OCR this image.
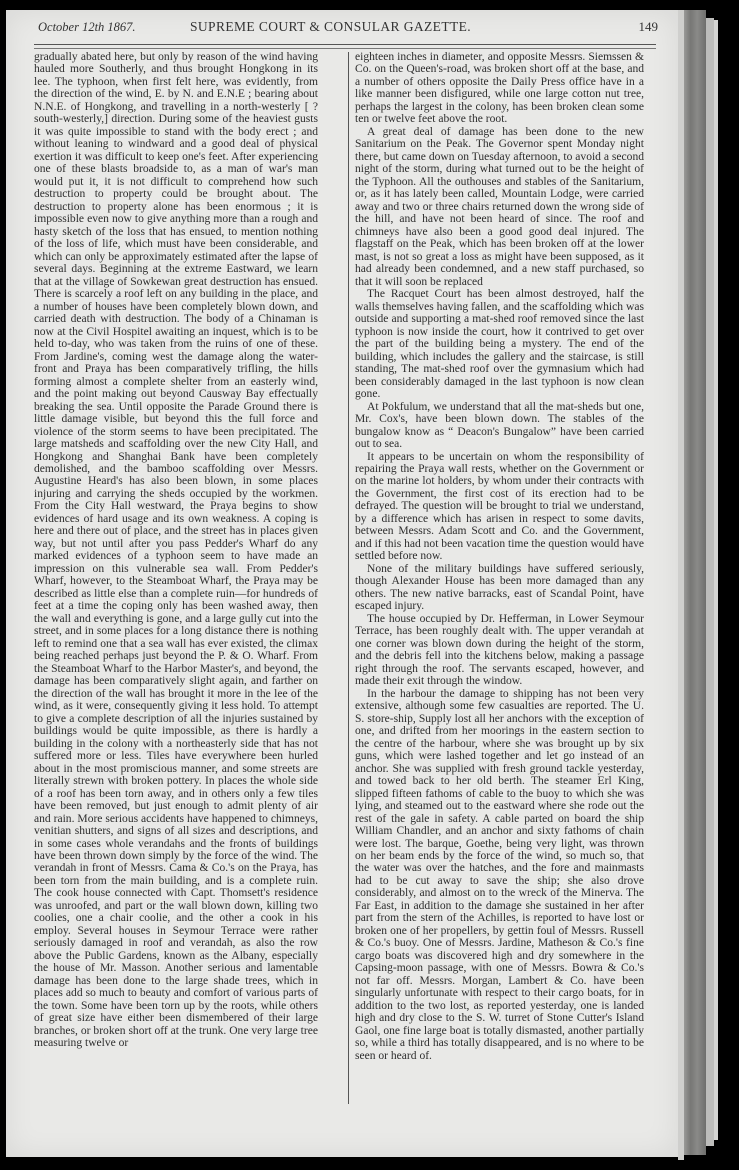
October 12th 1867.	SUPREME COURT & CONSULAR GAZETTE.	149

gradually abated here, but only by reason of the wind having hauled more Southerly, and thus brought Hongkong in its lee. The typhoon, when first felt here, was evidently, from the direction of the wind, E. by N. and E.N.E ; bearing about N.N.E. of Hongkong, and travelling in a north-westerly [ ? south-westerly,] direction. During some of the heaviest gusts it was quite impossible to stand with the body erect ; and without leaning to windward and a good deal of physical exertion it was difficult to keep one's feet. After experiencing one of these blasts broadside to, as a man of war's man would put it, it is not difficult to comprehend how such destruction to property could be brought about. The destruction to property alone has been enormous ; it is impossible even now to give anything more than a rough and hasty sketch of the loss that has ensued, to mention nothing of the loss of life, which must have been considerable, and which can only be approximately estimated after the lapse of several days. Beginning at the extreme Eastward, we learn that at the village of Sowkewan great destruction has ensued. There is scarcely a roof left on any building in the place, and a number of houses have been completely blown down, and carried death with destruction. The body of a Chinaman is now at the Civil Hospitel awaiting an inquest, which is to be held to-day, who was taken from the ruins of one of these. From Jardine's, coming west the damage along the water-front and Praya has been comparatively trifling, the hills forming almost a complete shelter from an easterly wind, and the point making out beyond Causway Bay effectually breaking the sea. Until opposite the Parade Ground there is little damage visible, but beyond this the full force and violence of the storm seems to have been precipitated. The large matsheds and scaffolding over the new City Hall, and Hongkong and Shanghai Bank have been completely demolished, and the bamboo scaffolding over Messrs. Augustine Heard's has also been blown, in some places injuring and carrying the sheds occupied by the workmen. From the City Hall westward, the Praya begins to show evidences of hard usage and its own weakness. A coping is here and there out of place, and the street has in places given way, but not until after you pass Pedder's Wharf do any marked evidences of a typhoon seem to have made an impression on this vulnerable sea wall. From Pedder's Wharf, however, to the Steamboat Wharf, the Praya may be described as little else than a complete ruin—for hundreds of feet at a time the coping only has been washed away, then the wall and everything is gone, and a large gully cut into the street, and in some places for a long distance there is nothing left to remind one that a sea wall has ever existed, the climax being reached perhaps just beyond the P. & O. Wharf. From the Steamboat Wharf to the Harbor Master's, and beyond, the damage has been comparatively slight again, and farther on the direction of the wall has brought it more in the lee of the wind, as it were, consequently giving it less hold. To attempt to give a complete description of all the injuries sustained by buildings would be quite impossible, as there is hardly a building in the colony with a northeasterly side that has not suffered more or less. Tiles have everywhere been hurled about in the most promiscious manner, and some streets are literally strewn with broken pottery. In places the whole side of a roof has been torn away, and in others only a few tiles have been removed, but just enough to admit plenty of air and rain. More serious accidents have happened to chimneys, venitian shutters, and signs of all sizes and descriptions, and in some cases whole verandahs and the fronts of buildings have been thrown down simply by the force of the wind. The verandah in front of Messrs. Cama & Co.'s on the Praya, has been torn from the main building, and is a complete ruin. The cook house connected with Capt. Thomsett's residence was unroofed, and part or the wall blown down, killing two coolies, one a chair coolie, and the other a cook in his employ. Several houses in Seymour Terrace were rather seriously damaged in roof and verandah, as also the row above the Public Gardens, known as the Albany, especially the house of Mr. Masson. Another serious and lamentable damage has been done to the large shade trees, which in places add so much to beauty and comfort of various parts of the town. Some have been torn up by the roots, while others of great size have either been dismembered of their large branches, or broken short off at the trunk. One very large tree measuring twelve or

eighteen inches in diameter, and opposite Messrs. Siemssen & Co. on the Queen's-road, was broken short off at the base, and a number of others opposite the Daily Press office have in a like manner been disfigured, while one large cotton nut tree, perhaps the largest in the colony, has been broken clean some ten or twelve feet above the root.

A great deal of damage has been done to the new Sanitarium on the Peak. The Governor spent Monday night there, but came down on Tuesday afternoon, to avoid a second night of the storm, during what turned out to be the height of the Typhoon. All the outhouses and stables of the Sanitarium, or, as it has lately been called, Mountain Lodge, were carried away and two or three chairs returned down the wrong side of the hill, and have not been heard of since. The roof and chimneys have also been a good good deal injured. The flagstaff on the Peak, which has been broken off at the lower mast, is not so great a loss as might have been supposed, as it had already been condemned, and a new staff purchased, so that it will soon be replaced

The Racquet Court has been almost destroyed, half the walls themselves having fallen, and the scaffolding which was outside and supporting a mat-shed roof removed since the last typhoon is now inside the court, how it contrived to get over the part of the building being a mystery. The end of the building, which includes the gallery and the staircase, is still standing, The mat-shed roof over the gymnasium which had been considerably damaged in the last typhoon is now clean gone.

At Pokfulum, we understand that all the mat-sheds but one, Mr. Cox's, have been blown down. The stables of the bungalow know as “ Deacon's Bungalow” have been carried out to sea.

It appears to be uncertain on whom the responsibility of repairing the Praya wall rests, whether on the Government or on the marine lot holders, by whom under their contracts with the Government, the first cost of its erection had to be defrayed. The question will be brought to trial we understand, by a difference which has arisen in respect to some davits, between Messrs. Adam Scott and Co. and the Government, and if this had not been vacation time the question would have settled before now.

None of the military buildings have suffered seriously, though Alexander House has been more damaged than any others. The new native barracks, east of Scandal Point, have escaped injury.

The house occupied by Dr. Hefferman, in Lower Seymour Terrace, has been roughly dealt with. The upper verandah at one corner was blown down during the height of the storm, and the debris fell into the kitchens below, making a passage right through the roof. The servants escaped, however, and made their exit through the window.

In the harbour the damage to shipping has not been very extensive, although some few casualties are reported. The U. S. store-ship, Supply lost all her anchors with the exception of one, and drifted from her moorings in the eastern section to the centre of the harbour, where she was brought up by six guns, which were lashed together and let go instead of an anchor. She was supplied with fresh ground tackle yesterday, and towed back to her old berth. The steamer Erl King, slipped fifteen fathoms of cable to the buoy to which she was lying, and steamed out to the eastward where she rode out the rest of the gale in safety. A cable parted on board the ship William Chandler, and an anchor and sixty fathoms of chain were lost. The barque, Goethe, being very light, was thrown on her beam ends by the force of the wind, so much so, that the water was over the hatches, and the fore and mainmasts had to be cut away to save the ship; she also drove considerably, and almost on to the wreck of the Minerva. The Far East, in addition to the damage she sustained in her after part from the stern of the Achilles, is reported to have lost or broken one of her propellers, by gettin foul of Messrs. Russell & Co.'s buoy. One of Messrs. Jardine, Matheson & Co.'s fine cargo boats was discovered high and dry somewhere in the Capsing-moon passage, with one of Messrs. Bowra & Co.'s not far off. Messrs. Morgan, Lambert & Co. have been singularly unfortunate with respect to their cargo boats, for in addition to the two lost, as reported yesterday, one is landed high and dry close to the S. W. turret of Stone Cutter's Island Gaol, one fine large boat is totally dismasted, another partially so, while a third has totally disappeared, and is no where to be seen or heard of.
